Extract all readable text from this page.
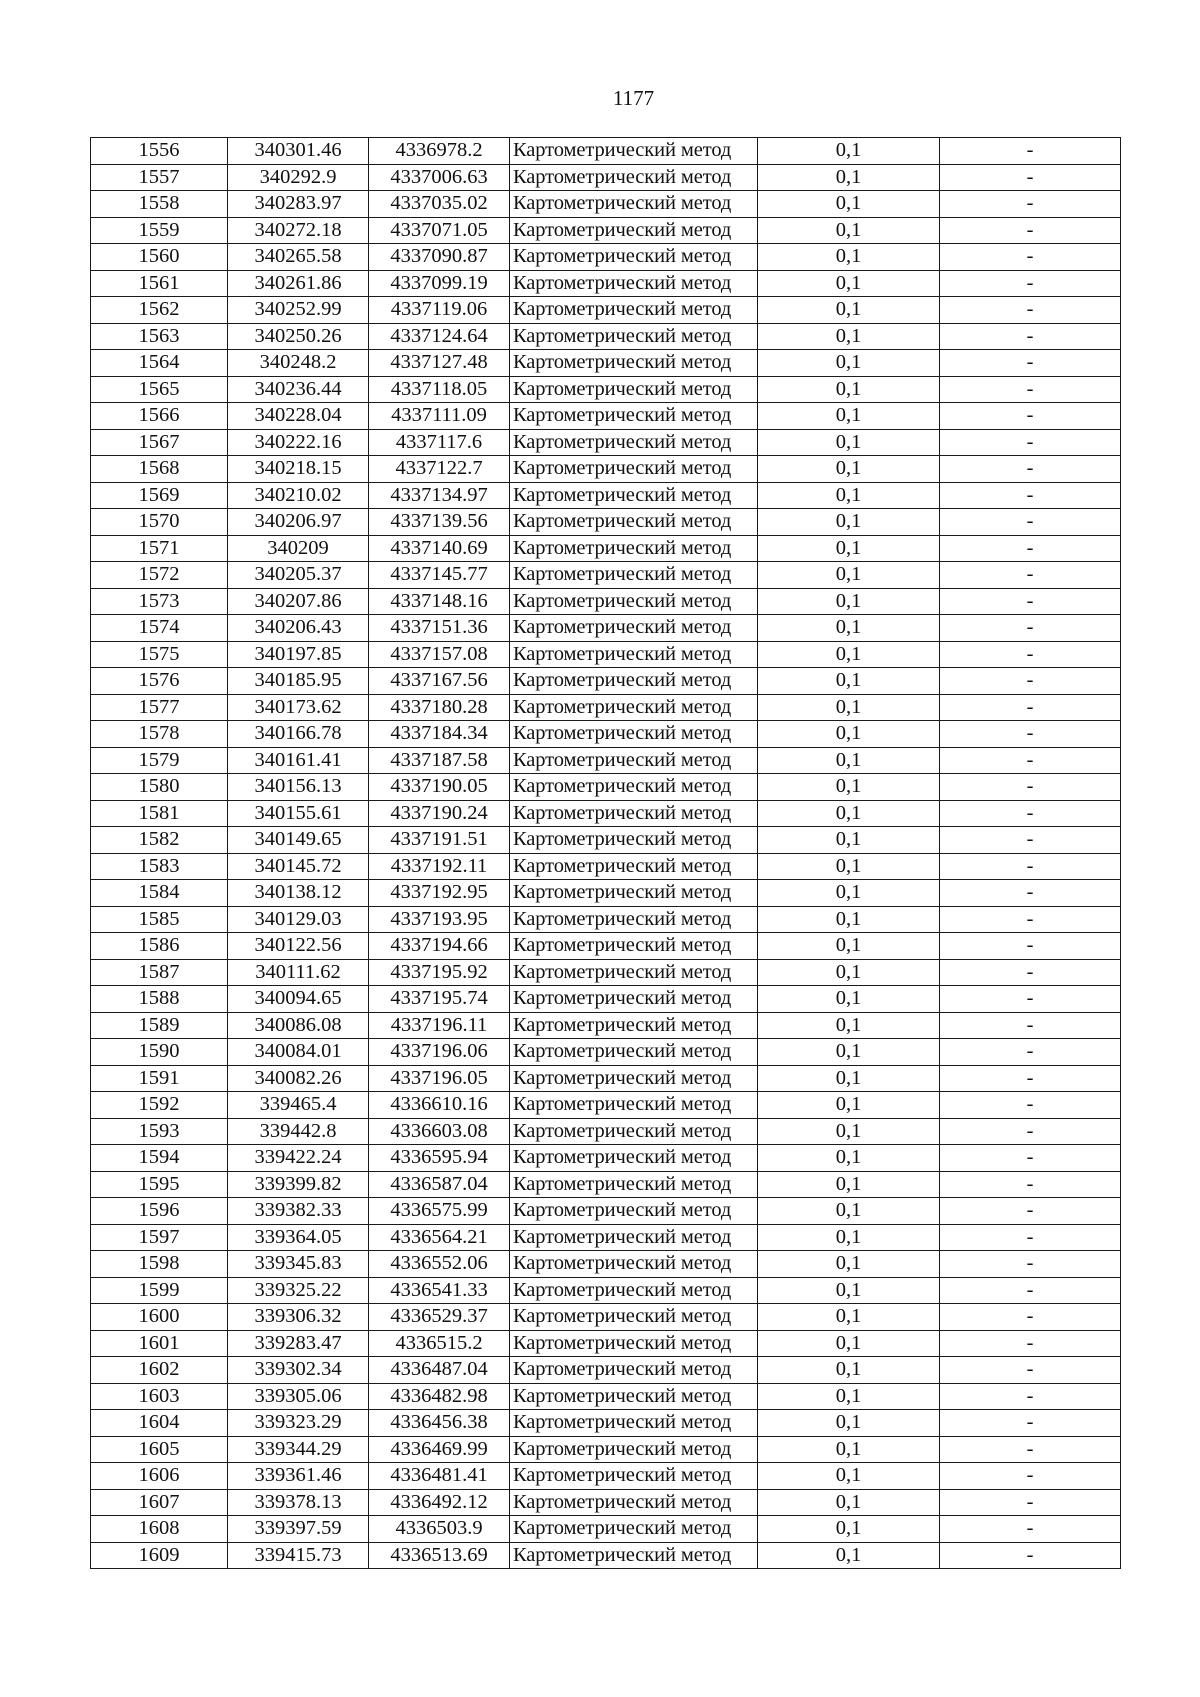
1177
1556	340301.46	4336978.2	Картометрический метод	0,1	-
1557	340292.9	4337006.63	Картометрический метод	0,1	-
1558	340283.97	4337035.02	Картометрический метод	0,1	-
1559	340272.18	4337071.05	Картометрический метод	0,1	-
1560	340265.58	4337090.87	Картометрический метод	0,1	-
1561	340261.86	4337099.19	Картометрический метод	0,1	-
1562	340252.99	4337119.06	Картометрический метод	0,1	-
1563	340250.26	4337124.64	Картометрический метод	0,1	-
1564	340248.2	4337127.48	Картометрический метод	0,1	-
1565	340236.44	4337118.05	Картометрический метод	0,1	-
1566	340228.04	4337111.09	Картометрический метод	0,1	-
1567	340222.16	4337117.6	Картометрический метод	0,1	-
1568	340218.15	4337122.7	Картометрический метод	0,1	-
1569	340210.02	4337134.97	Картометрический метод	0,1	-
1570	340206.97	4337139.56	Картометрический метод	0,1	-
1571	340209	4337140.69	Картометрический метод	0,1	-
1572	340205.37	4337145.77	Картометрический метод	0,1	-
1573	340207.86	4337148.16	Картометрический метод	0,1	-
1574	340206.43	4337151.36	Картометрический метод	0,1	-
1575	340197.85	4337157.08	Картометрический метод	0,1	-
1576	340185.95	4337167.56	Картометрический метод	0,1	-
1577	340173.62	4337180.28	Картометрический метод	0,1	-
1578	340166.78	4337184.34	Картометрический метод	0,1	-
1579	340161.41	4337187.58	Картометрический метод	0,1	-
1580	340156.13	4337190.05	Картометрический метод	0,1	-
1581	340155.61	4337190.24	Картометрический метод	0,1	-
1582	340149.65	4337191.51	Картометрический метод	0,1	-
1583	340145.72	4337192.11	Картометрический метод	0,1	-
1584	340138.12	4337192.95	Картометрический метод	0,1	-
1585	340129.03	4337193.95	Картометрический метод	0,1	-
1586	340122.56	4337194.66	Картометрический метод	0,1	-
1587	340111.62	4337195.92	Картометрический метод	0,1	-
1588	340094.65	4337195.74	Картометрический метод	0,1	-
1589	340086.08	4337196.11	Картометрический метод	0,1	-
1590	340084.01	4337196.06	Картометрический метод	0,1	-
1591	340082.26	4337196.05	Картометрический метод	0,1	-
1592	339465.4	4336610.16	Картометрический метод	0,1	-
1593	339442.8	4336603.08	Картометрический метод	0,1	-
1594	339422.24	4336595.94	Картометрический метод	0,1	-
1595	339399.82	4336587.04	Картометрический метод	0,1	-
1596	339382.33	4336575.99	Картометрический метод	0,1	-
1597	339364.05	4336564.21	Картометрический метод	0,1	-
1598	339345.83	4336552.06	Картометрический метод	0,1	-
1599	339325.22	4336541.33	Картометрический метод	0,1	-
1600	339306.32	4336529.37	Картометрический метод	0,1	-
1601	339283.47	4336515.2	Картометрический метод	0,1	-
1602	339302.34	4336487.04	Картометрический метод	0,1	-
1603	339305.06	4336482.98	Картометрический метод	0,1	-
1604	339323.29	4336456.38	Картометрический метод	0,1	-
1605	339344.29	4336469.99	Картометрический метод	0,1	-
1606	339361.46	4336481.41	Картометрический метод	0,1	-
1607	339378.13	4336492.12	Картометрический метод	0,1	-
1608	339397.59	4336503.9	Картометрический метод	0,1	-
1609	339415.73	4336513.69	Картометрический метод	0,1	-
